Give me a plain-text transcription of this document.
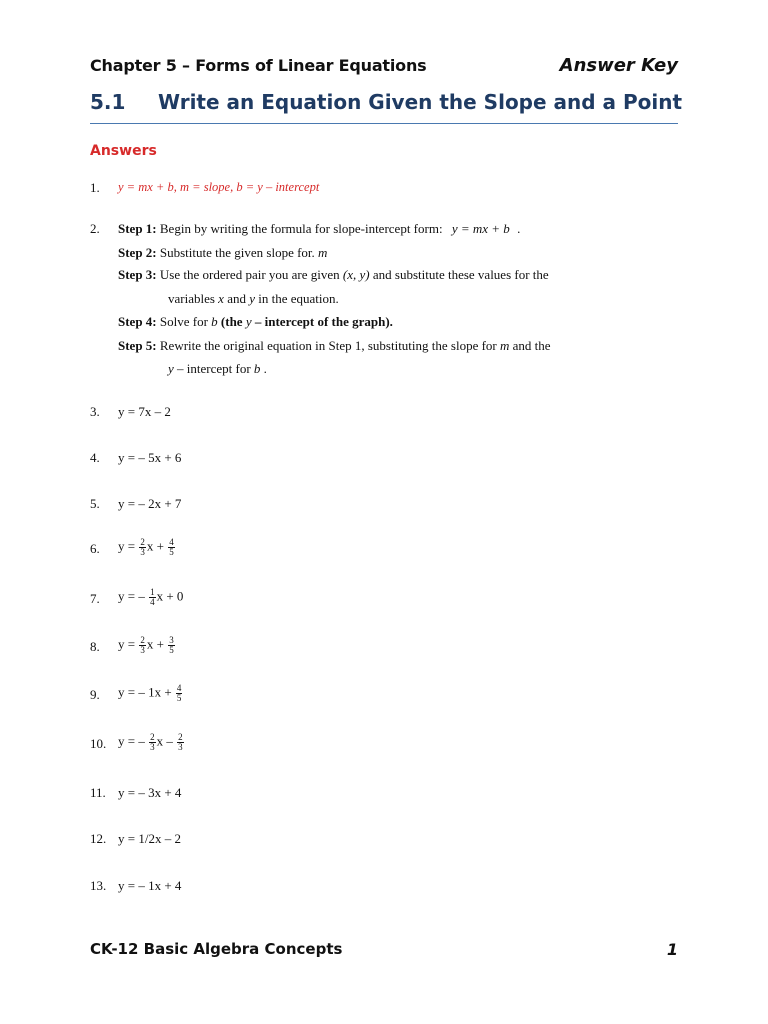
Chapter 5 – Forms of Linear Equations	Answer Key
5.1 Write an Equation Given the Slope and a Point
Answers
1.	y = mx + b, m = slope, b = y – intercept
2.	Step 1: Begin by writing the formula for slope-intercept form: y = mx + b .
Step 2: Substitute the given slope for. m
Step 3: Use the ordered pair you are given (x, y) and substitute these values for the
variables x and y in the equation.
Step 4: Solve for b (the y – intercept of the graph).
Step 5: Rewrite the original equation in Step 1, substituting the slope for m and the
y – intercept for b .
3.	y = 7x – 2
4.	y = – 5x + 6
5.	y = – 2x + 7
6.	$y = \frac{2}{3}$ $x + \frac{4}{5}$
7.	y = – $\frac{1}{4}$ x + 0
8.	$y = \frac{2}{3}$ $x + \frac{3}{5}$
9.	y = – $1x + \frac{4}{5}$
10. y = – $\frac{2}{3}$ x – $\frac{2}{3}$
11. y = – 3x + 4
12. y = 1/2x – 2
13. y = – 1x + 4
CK-12 Basic Algebra Concepts	1
